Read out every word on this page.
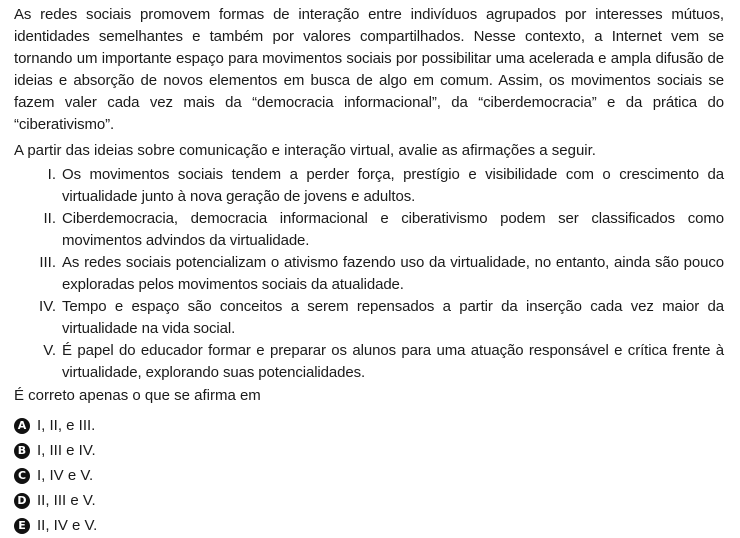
As redes sociais promovem formas de interação entre indivíduos agrupados por interesses mútuos, identidades semelhantes e também por valores compartilhados. Nesse contexto, a Internet vem se tornando um importante espaço para movimentos sociais por possibilitar uma acelerada e ampla difusão de ideias e absorção de novos elementos em busca de algo em comum. Assim, os movimentos sociais se fazem valer cada vez mais da “democracia informacional”, da “ciberdemocracia” e da prática do “ciberativismo”.

A partir das ideias sobre comunicação e interação virtual, avalie as afirmações a seguir.

I. Os movimentos sociais tendem a perder força, prestígio e visibilidade com o crescimento da virtualidade junto à nova geração de jovens e adultos.
II. Ciberdemocracia, democracia informacional e ciberativismo podem ser classificados como movimentos advindos da virtualidade.
III. As redes sociais potencializam o ativismo fazendo uso da virtualidade, no entanto, ainda são pouco exploradas pelos movimentos sociais da atualidade.
IV. Tempo e espaço são conceitos a serem repensados a partir da inserção cada vez maior da virtualidade na vida social.
V. É papel do educador formar e preparar os alunos para uma atuação responsável e crítica frente à virtualidade, explorando suas potencialidades.

É correto apenas o que se afirma em

A I, II, e III.
B I, III e IV.
C I, IV e V.
D II, III e V.
E II, IV e V.
